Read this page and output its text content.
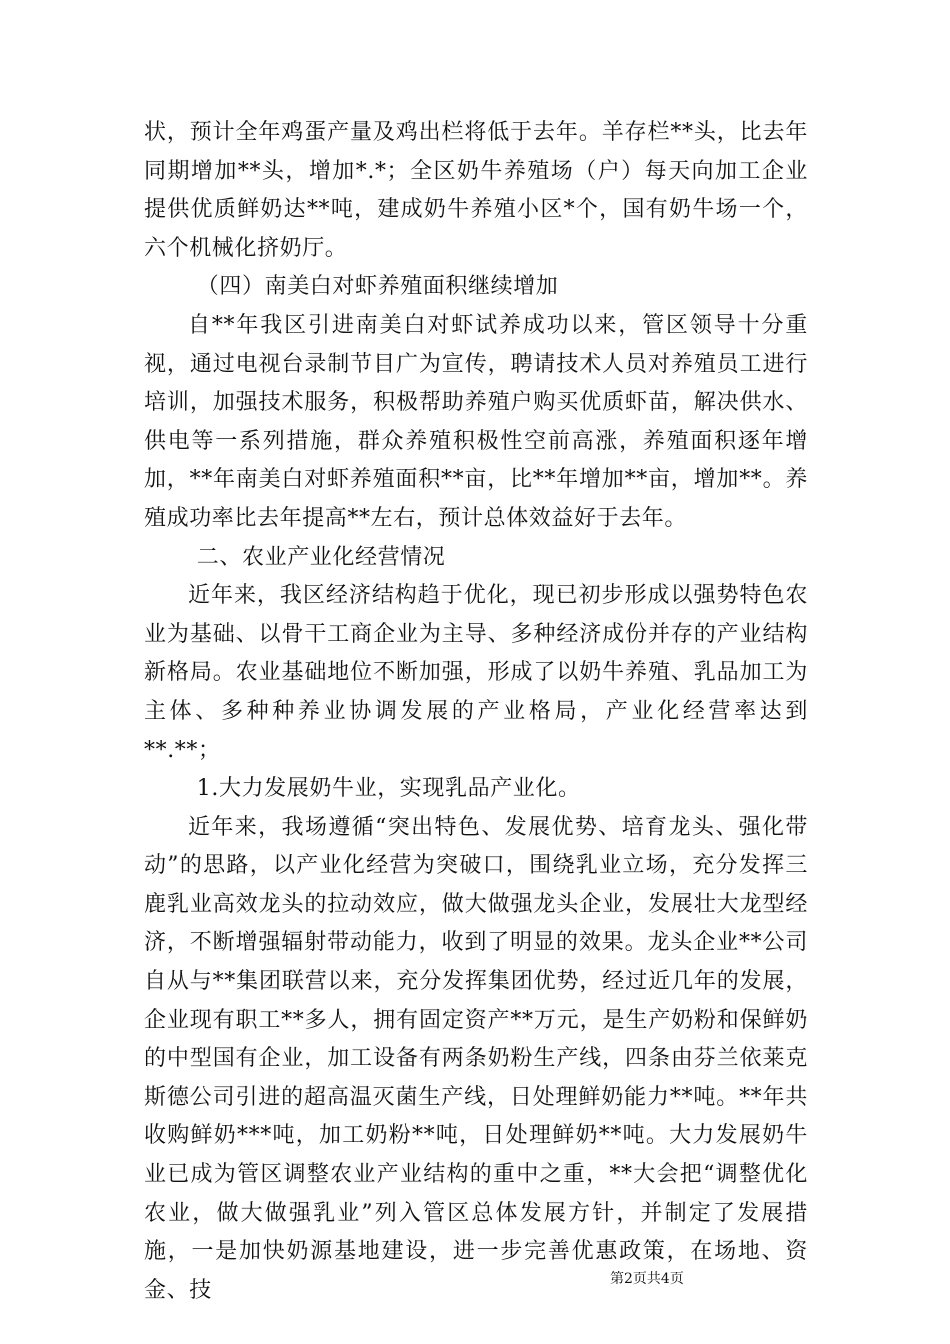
状，预计全年鸡蛋产量及鸡出栏将低于去年。羊存栏**头，比去年同期增加**头，增加*.*；全区奶牛养殖场（户）每天向加工企业提供优质鲜奶达**吨，建成奶牛养殖小区*个，国有奶牛场一个，六个机械化挤奶厅。

（四）南美白对虾养殖面积继续增加

自**年我区引进南美白对虾试养成功以来，管区领导十分重视，通过电视台录制节目广为宣传，聘请技术人员对养殖员工进行培训，加强技术服务，积极帮助养殖户购买优质虾苗，解决供水、供电等一系列措施，群众养殖积极性空前高涨，养殖面积逐年增加，**年南美白对虾养殖面积**亩，比**年增加**亩，增加**。养殖成功率比去年提高**左右，预计总体效益好于去年。

二、农业产业化经营情况

近年来，我区经济结构趋于优化，现已初步形成以强势特色农业为基础、以骨干工商企业为主导、多种经济成份并存的产业结构新格局。农业基础地位不断加强，形成了以奶牛养殖、乳品加工为主体、多种种养业协调发展的产业格局，产业化经营率达到**.**；

1.大力发展奶牛业，实现乳品产业化。

近年来，我场遵循“突出特色、发展优势、培育龙头、强化带动”的思路，以产业化经营为突破口，围绕乳业立场，充分发挥三鹿乳业高效龙头的拉动效应，做大做强龙头企业，发展壮大龙型经济，不断增强辐射带动能力，收到了明显的效果。龙头企业**公司自从与**集团联营以来，充分发挥集团优势，经过近几年的发展，企业现有职工**多人，拥有固定资产**万元，是生产奶粉和保鲜奶的中型国有企业，加工设备有两条奶粉生产线，四条由芬兰依莱克斯德公司引进的超高温灭菌生产线，日处理鲜奶能力**吨。**年共收购鲜奶***吨，加工奶粉**吨，日处理鲜奶**吨。大力发展奶牛业已成为管区调整农业产业结构的重中之重，**大会把“调整优化农业，做大做强乳业”列入管区总体发展方针，并制定了发展措施，一是加快奶源基地建设，进一步完善优惠政策，在场地、资金、技	第2页共4页
